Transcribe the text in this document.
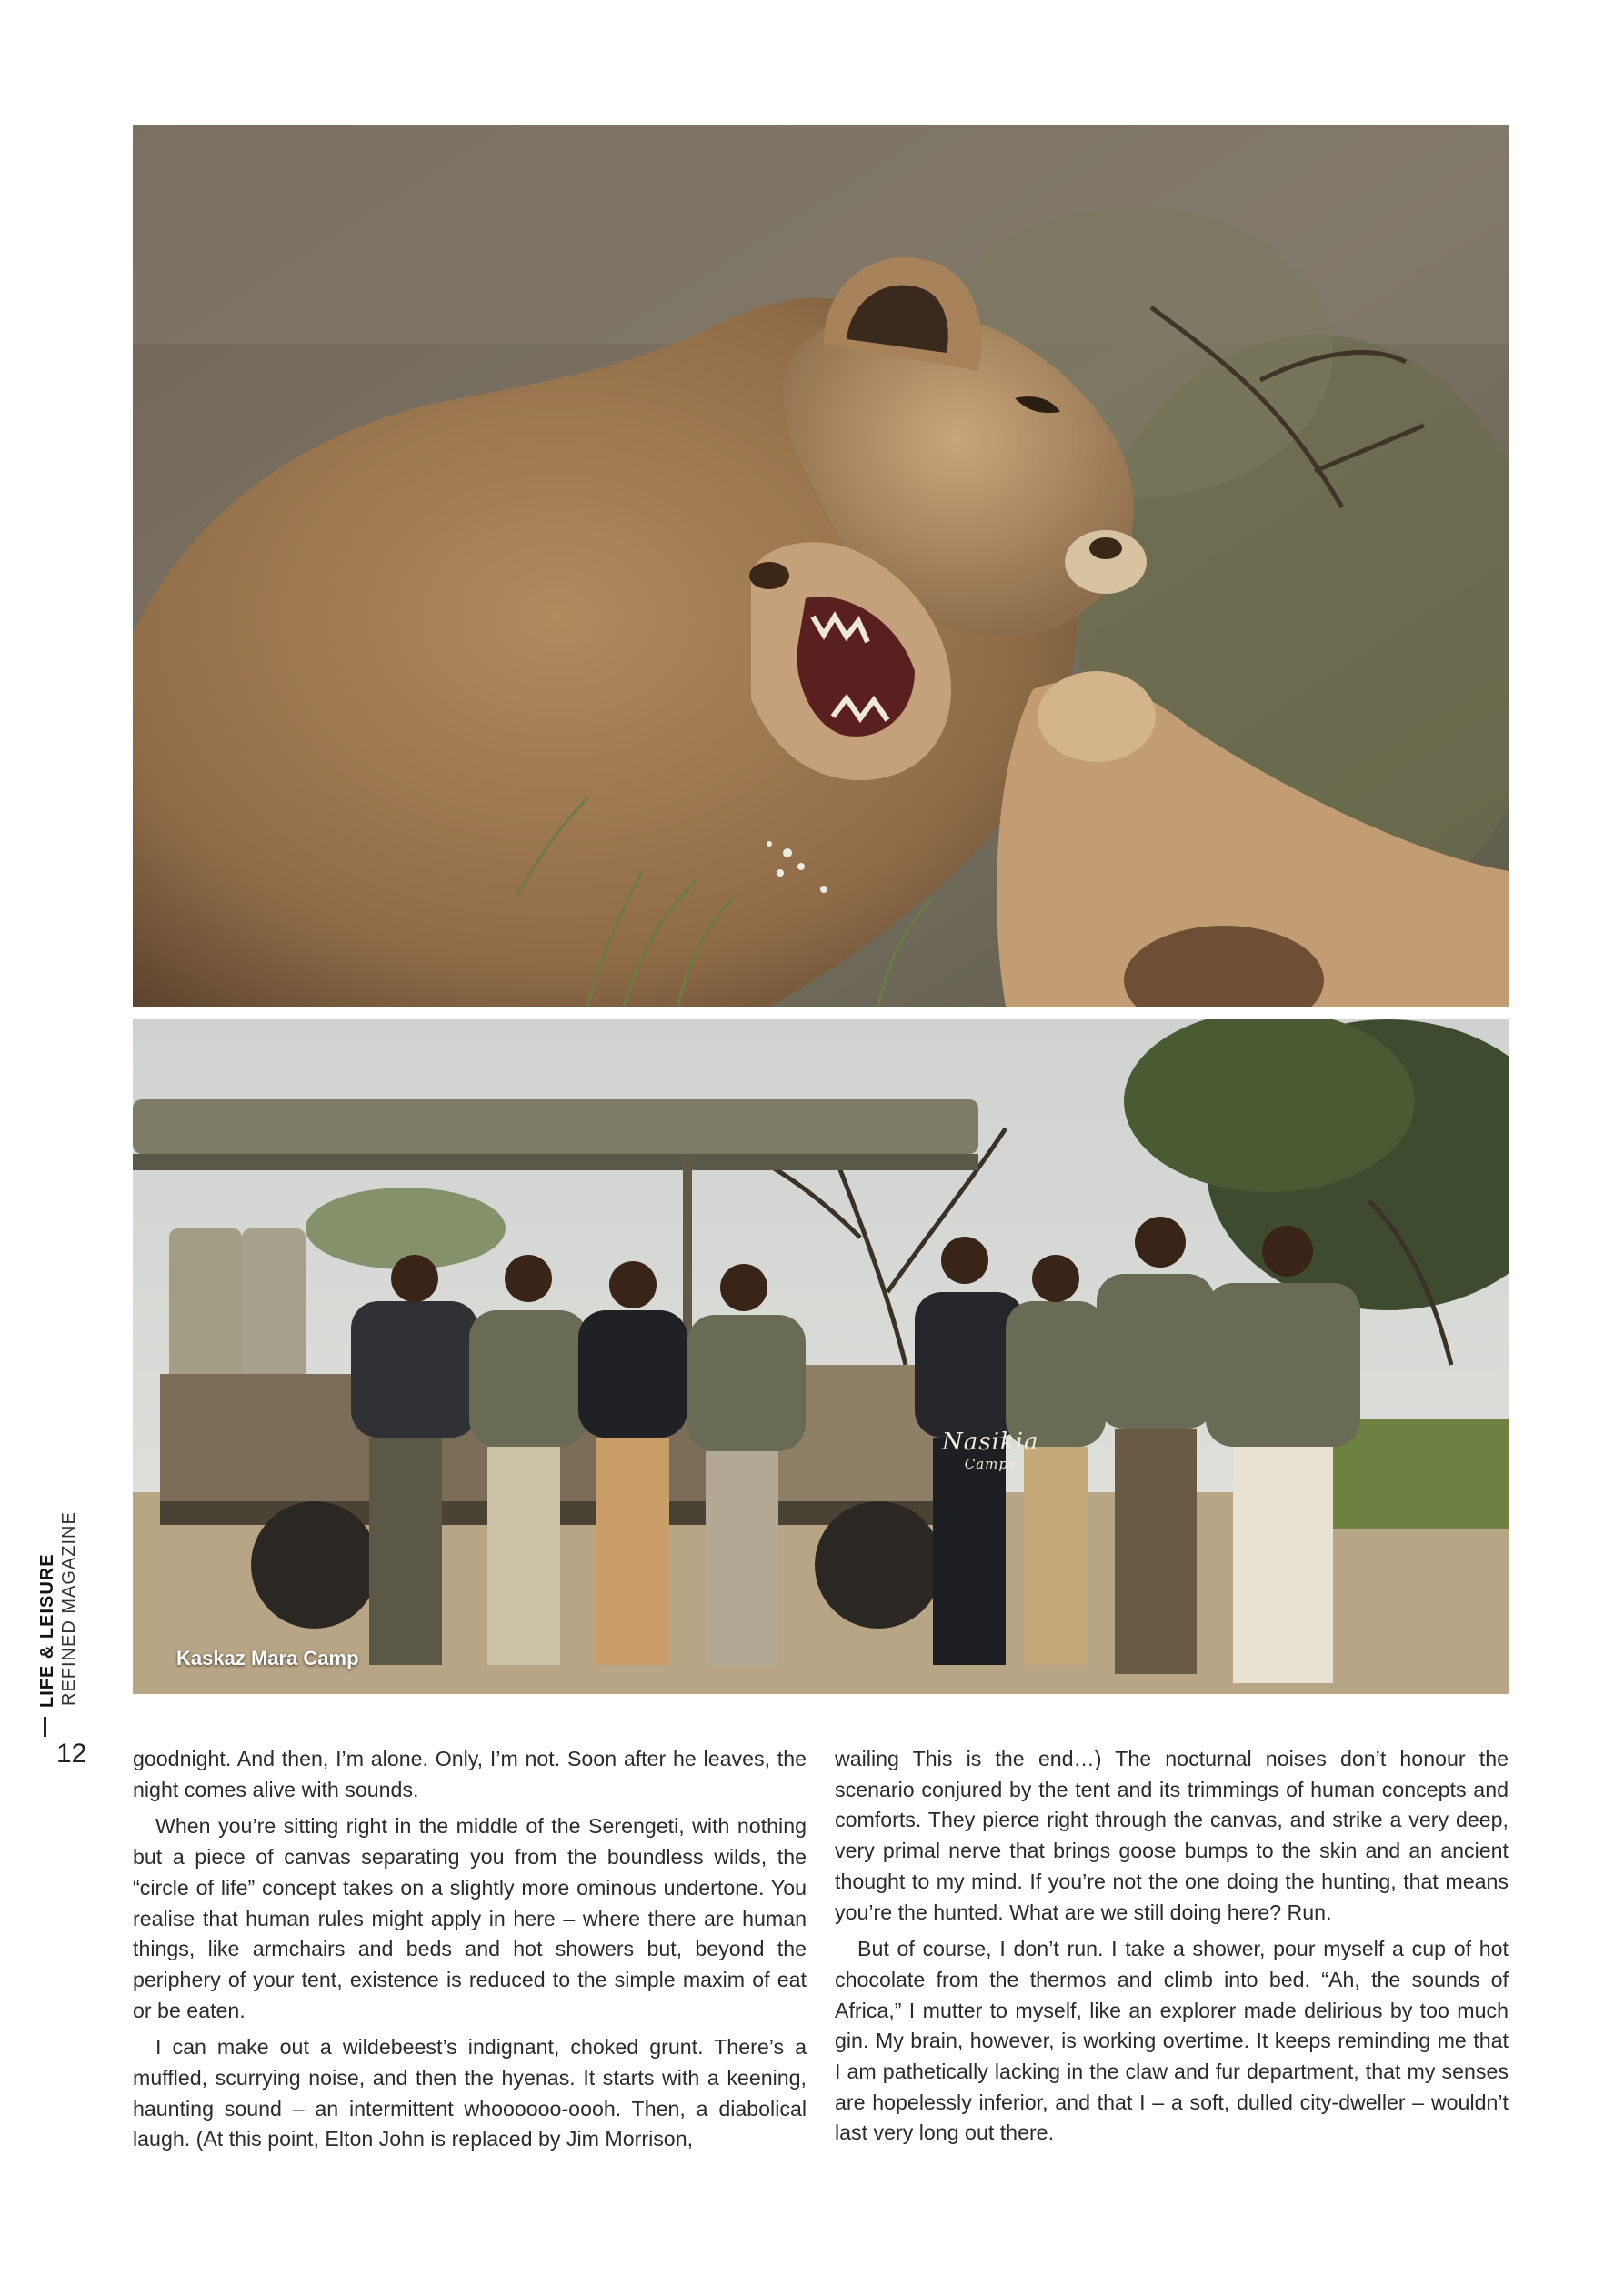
Nasikia
Camps
Kaskaz Mara Camp
LIFE & LEISURE REFINED MAGAZINE
12 goodnight. And then, I’m alone. Only, I’m not. Soon after he leaves, the night comes alive with sounds.

When you’re sitting right in the middle of the Serengeti, with nothing but a piece of canvas separating you from the boundless wilds, the “circle of life” concept takes on a slightly more ominous undertone. You realise that human rules might apply in here – where there are human things, like armchairs and beds and hot showers but, beyond the periphery of your tent, existence is reduced to the simple maxim of eat or be eaten.

I can make out a wildebeest’s indignant, choked grunt. There’s a muffled, scurrying noise, and then the hyenas. It starts with a keening, haunting sound – an intermittent whoooooo-oooh. Then, a diabolical laugh. (At this point, Elton John is replaced by Jim Morrison,

wailing This is the end…) The nocturnal noises don’t honour the scenario conjured by the tent and its trimmings of human concepts and comforts. They pierce right through the canvas, and strike a very deep, very primal nerve that brings goose bumps to the skin and an ancient thought to my mind. If you’re not the one doing the hunting, that means you’re the hunted. What are we still doing here? Run.

But of course, I don’t run. I take a shower, pour myself a cup of hot chocolate from the thermos and climb into bed. “Ah, the sounds of Africa,” I mutter to myself, like an explorer made delirious by too much gin. My brain, however, is working overtime. It keeps reminding me that I am pathetically lacking in the claw and fur department, that my senses are hopelessly inferior, and that I – a soft, dulled city-dweller – wouldn’t last very long out there.
